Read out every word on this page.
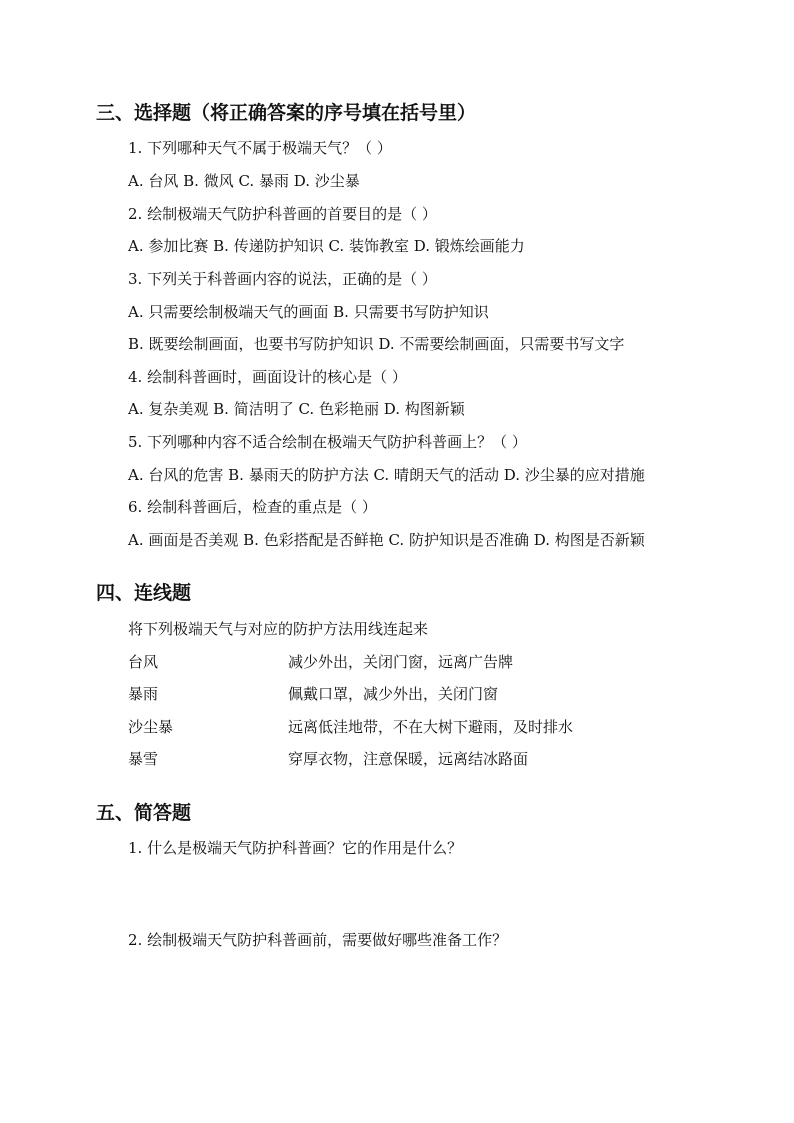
三、选择题（将正确答案的序号填在括号里）
1. 下列哪种天气不属于极端天气？（ ）
A. 台风 B. 微风 C. 暴雨 D. 沙尘暴
2. 绘制极端天气防护科普画的首要目的是（ ）
A. 参加比赛 B. 传递防护知识 C. 装饰教室 D. 锻炼绘画能力
3. 下列关于科普画内容的说法，正确的是（ ）
A. 只需要绘制极端天气的画面 B. 只需要书写防护知识
B. 既要绘制画面，也要书写防护知识 D. 不需要绘制画面，只需要书写文字
4. 绘制科普画时，画面设计的核心是（ ）
A. 复杂美观 B. 简洁明了 C. 色彩艳丽 D. 构图新颖
5. 下列哪种内容不适合绘制在极端天气防护科普画上？（ ）
A. 台风的危害 B. 暴雨天的防护方法 C. 晴朗天气的活动 D. 沙尘暴的应对措施
6. 绘制科普画后，检查的重点是（ ）
A. 画面是否美观 B. 色彩搭配是否鲜艳 C. 防护知识是否准确 D. 构图是否新颖
四、连线题
将下列极端天气与对应的防护方法用线连起来
台风	减少外出，关闭门窗，远离广告牌
暴雨	佩戴口罩，减少外出，关闭门窗
沙尘暴	远离低洼地带，不在大树下避雨，及时排水
暴雪	穿厚衣物，注意保暖，远离结冰路面
五、简答题
1. 什么是极端天气防护科普画？它的作用是什么？
2. 绘制极端天气防护科普画前，需要做好哪些准备工作？
